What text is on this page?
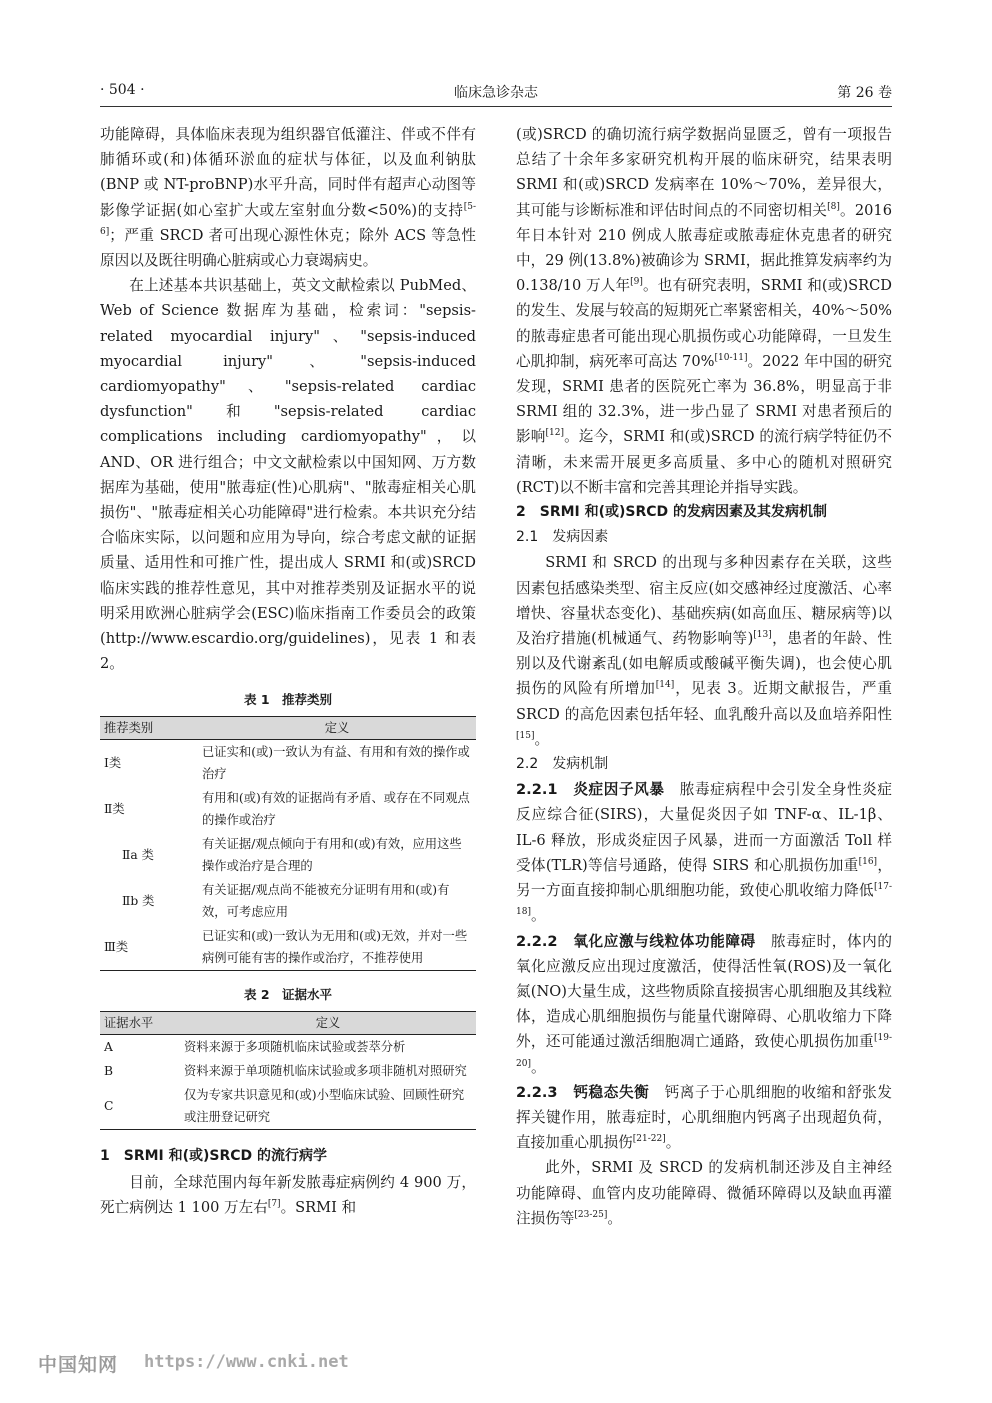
· 504 ·	临床急诊杂志	第 26 卷

功能障碍，具体临床表现为组织器官低灌注、伴或不伴有肺循环或(和)体循环淤血的症状与体征，以及血利钠肽(BNP 或 NT-proBNP)水平升高，同时伴有超声心动图等影像学证据(如心室扩大或左室射血分数<50%)的支持[5-6]；严重 SRCD 者可出现心源性休克；除外 ACS 等急性原因以及既往明确心脏病或心力衰竭病史。

在上述基本共识基础上，英文文献检索以 PubMed、Web of Science 数据库为基础，检索词："sepsis-related myocardial injury"、"sepsis-induced myocardial injury"、"sepsis-induced cardiomyopathy"、"sepsis-related cardiac dysfunction"和"sepsis-related cardiac complications including cardiomyopathy"，以 AND、OR 进行组合；中文文献检索以中国知网、万方数据库为基础，使用"脓毒症(性)心肌病"、"脓毒症相关心肌损伤"、"脓毒症相关心功能障碍"进行检索。本共识充分结合临床实际，以问题和应用为导向，综合考虑文献的证据质量、适用性和可推广性，提出成人 SRMI 和(或)SRCD 临床实践的推荐性意见，其中对推荐类别及证据水平的说明采用欧洲心脏病学会(ESC)临床指南工作委员会的政策(http://www.escardio.org/guidelines)，见表 1 和表 2。

表 1　推荐类别
推荐类别	定义
Ⅰ类	已证实和(或)一致认为有益、有用和有效的操作或治疗
Ⅱ类	有用和(或)有效的证据尚有矛盾、或存在不同观点的操作或治疗
Ⅱa 类	有关证据/观点倾向于有用和(或)有效，应用这些操作或治疗是合理的
Ⅱb 类	有关证据/观点尚不能被充分证明有用和(或)有效，可考虑应用
Ⅲ类	已证实和(或)一致认为无用和(或)无效，并对一些病例可能有害的操作或治疗，不推荐使用
表 2　证据水平
证据水平	定义
A	资料来源于多项随机临床试验或荟萃分析
B	资料来源于单项随机临床试验或多项非随机对照研究
C	仅为专家共识意见和(或)小型临床试验、回顾性研究或注册登记研究

1　SRMI 和(或)SRCD 的流行病学

目前，全球范围内每年新发脓毒症病例约 4 900 万，死亡病例达 1 100 万左右[7]。SRMI 和

(或)SRCD 的确切流行病学数据尚显匮乏，曾有一项报告总结了十余年多家研究机构开展的临床研究，结果表明 SRMI 和(或)SRCD 发病率在 10%～70%，差异很大，其可能与诊断标准和评估时间点的不同密切相关[8]。2016 年日本针对 210 例成人脓毒症或脓毒症休克患者的研究中，29 例(13.8%)被确诊为 SRMI，据此推算发病率约为 0.138/10 万人年[9]。也有研究表明，SRMI 和(或)SRCD 的发生、发展与较高的短期死亡率紧密相关，40%～50% 的脓毒症患者可能出现心肌损伤或心功能障碍，一旦发生心肌抑制，病死率可高达 70%[10-11]。2022 年中国的研究发现，SRMI 患者的医院死亡率为 36.8%，明显高于非 SRMI 组的 32.3%，进一步凸显了 SRMI 对患者预后的影响[12]。迄今，SRMI 和(或)SRCD 的流行病学特征仍不清晰，未来需开展更多高质量、多中心的随机对照研究(RCT)以不断丰富和完善其理论并指导实践。

2　SRMI 和(或)SRCD 的发病因素及其发病机制

2.1　发病因素

SRMI 和 SRCD 的出现与多种因素存在关联，这些因素包括感染类型、宿主反应(如交感神经过度激活、心率增快、容量状态变化)、基础疾病(如高血压、糖尿病等)以及治疗措施(机械通气、药物影响等)[13]，患者的年龄、性别以及代谢紊乱(如电解质或酸碱平衡失调)，也会使心肌损伤的风险有所增加[14]，见表 3。近期文献报告，严重 SRCD 的高危因素包括年轻、血乳酸升高以及血培养阳性[15]。

2.2　发病机制

2.2.1　炎症因子风暴　 脓毒症病程中会引发全身性炎症反应综合征(SIRS)，大量促炎因子如 TNF-α、IL-1β、IL-6 释放，形成炎症因子风暴，进而一方面激活 Toll 样受体(TLR)等信号通路，使得 SIRS 和心肌损伤加重[16]，另一方面直接抑制心肌细胞功能，致使心肌收缩力降低[17-18]。

2.2.2　氧化应激与线粒体功能障碍　 脓毒症时，体内的氧化应激反应出现过度激活，使得活性氧(ROS)及一氧化氮(NO)大量生成，这些物质除直接损害心肌细胞及其线粒体，造成心肌细胞损伤与能量代谢障碍、心肌收缩力下降外，还可能通过激活细胞凋亡通路，致使心肌损伤加重[19-20]。

2.2.3　钙稳态失衡　 钙离子于心肌细胞的收缩和舒张发挥关键作用，脓毒症时，心肌细胞内钙离子出现超负荷，直接加重心肌损伤[21-22]。

此外，SRMI 及 SRCD 的发病机制还涉及自主神经功能障碍、血管内皮功能障碍、微循环障碍以及缺血再灌注损伤等[23-25]。

中国知网 https://www.cnki.net
